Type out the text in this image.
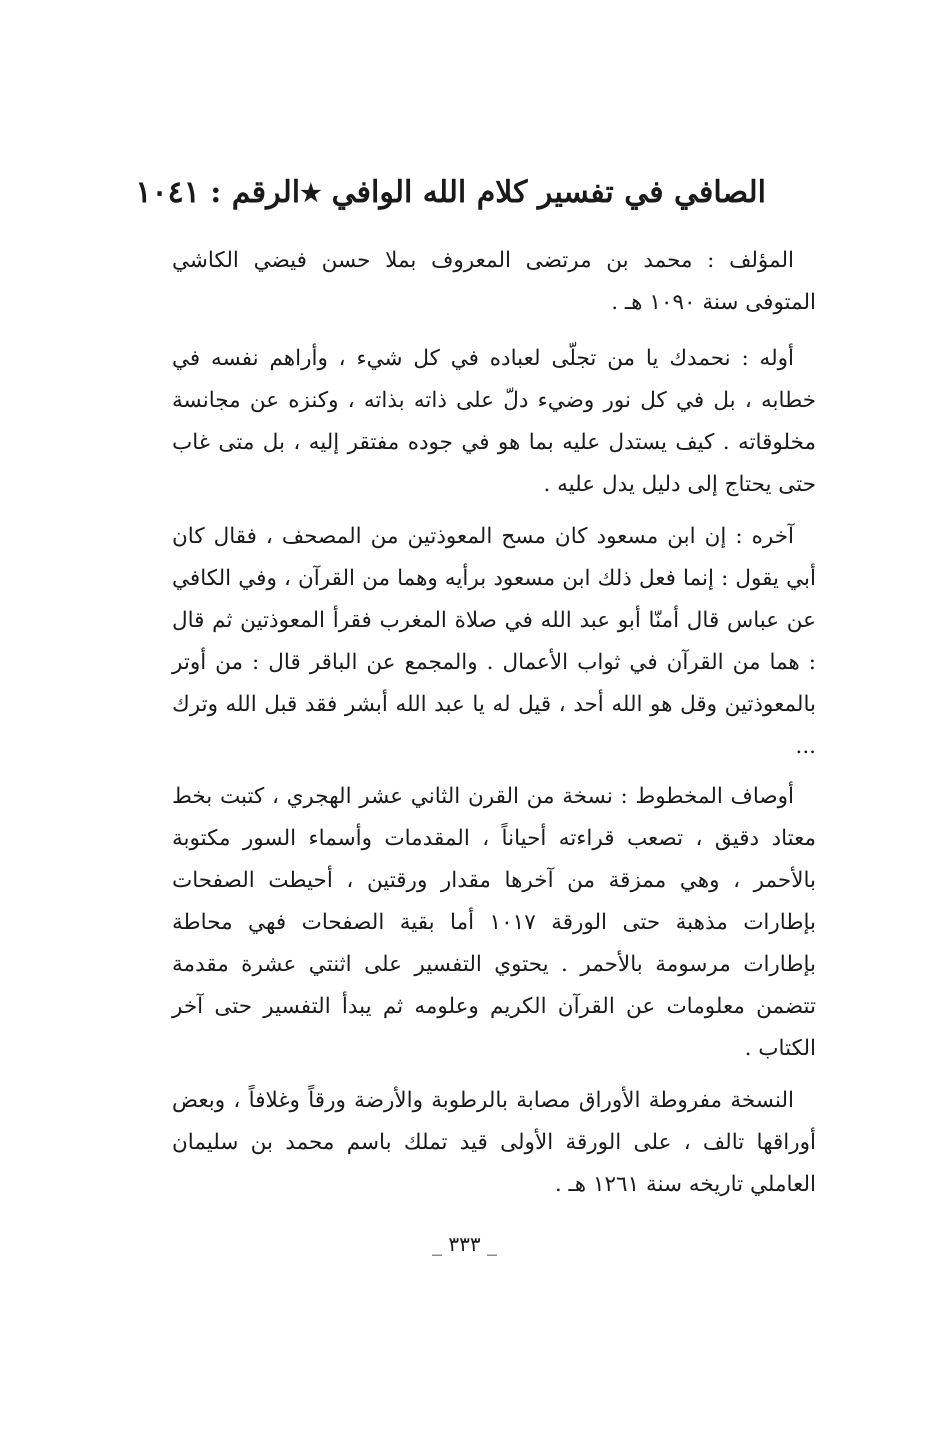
الصافي في تفسير كلام الله الوافي
★
الرقم : ١٠٤١

المؤلف : محمد بن مرتضى المعروف بملا حسن فيضي الكاشي المتوفى سنة ١٠٩٠ هـ .

أوله : نحمدك يا من تجلّى لعباده في كل شيء ، وأراهم نفسه في خطابه ، بل في كل نور وضيء دلّ على ذاته بذاته ، وكنزه عن مجانسة مخلوقاته . كيف يستدل عليه بما هو في جوده مفتقر إليه ، بل متى غاب حتى يحتاج إلى دليل يدل عليه .

آخره : إن ابن مسعود كان مسح المعوذتين من المصحف ، فقال كان أبي يقول : إنما فعل ذلك ابن مسعود برأيه وهما من القرآن ، وفي الكافي عن عباس قال أمنّا أبو عبد الله في صلاة المغرب فقرأ المعوذتين ثم قال : هما من القرآن في ثواب الأعمال . والمجمع عن الباقر قال : من أوتر بالمعوذتين وقل هو الله أحد ، قيل له يا عبد الله أبشر فقد قبل الله وترك ...

أوصاف المخطوط : نسخة من القرن الثاني عشر الهجري ، كتبت بخط معتاد دقيق ، تصعب قراءته أحياناً ، المقدمات وأسماء السور مكتوبة بالأحمر ، وهي ممزقة من آخرها مقدار ورقتين ، أحيطت الصفحات بإطارات مذهبة حتى الورقة ١٠١٧ أما بقية الصفحات فهي محاطة بإطارات مرسومة بالأحمر . يحتوي التفسير على اثنتي عشرة مقدمة تتضمن معلومات عن القرآن الكريم وعلومه ثم يبدأ التفسير حتى آخر الكتاب .

النسخة مفروطة الأوراق مصابة بالرطوبة والأرضة ورقاً وغلافاً ، وبعض أوراقها تالف ، على الورقة الأولى قيد تملك باسم محمد بن سليمان العاملي تاريخه سنة ١٢٦١ هـ .

_ ٣٣٣ _
